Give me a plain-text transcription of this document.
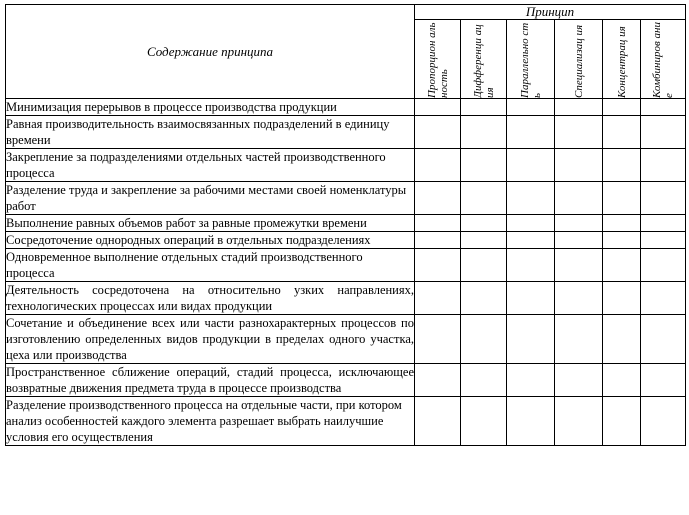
Содержание принципа	Принцип					

	Пропорцион альность	Дифференци ация	Параллельно сть	Специализац ия	Концентрац ия	Комбиниров ание

Минимизация перерывов в процессе производства продукции						
Равная производительность взаимосвязанных подразделений в единицу времени						
Закрепление за подразделениями отдельных частей производственного процесса						
Разделение труда и закрепление за рабочими местами своей номенклатуры работ						
Выполнение равных объемов работ за равные промежутки времени						
Сосредоточение однородных операций в отдельных подразделениях						
Одновременное выполнение отдельных стадий производственного процесса						
Деятельность сосредоточена на относительно узких направлениях, технологических процессах или видах продукции						
Сочетание и объединение всех или части разнохарактерных процессов по изготовлению определенных видов продукции в пределах одного участка, цеха или производства						
Пространственное сближение операций, стадий процесса, исключающее возвратные движения предмета труда в процессе производства						
Разделение производственного процесса на отдельные части, при котором анализ особенностей каждого элемента разрешает выбрать наилучшие условия его осуществления						
